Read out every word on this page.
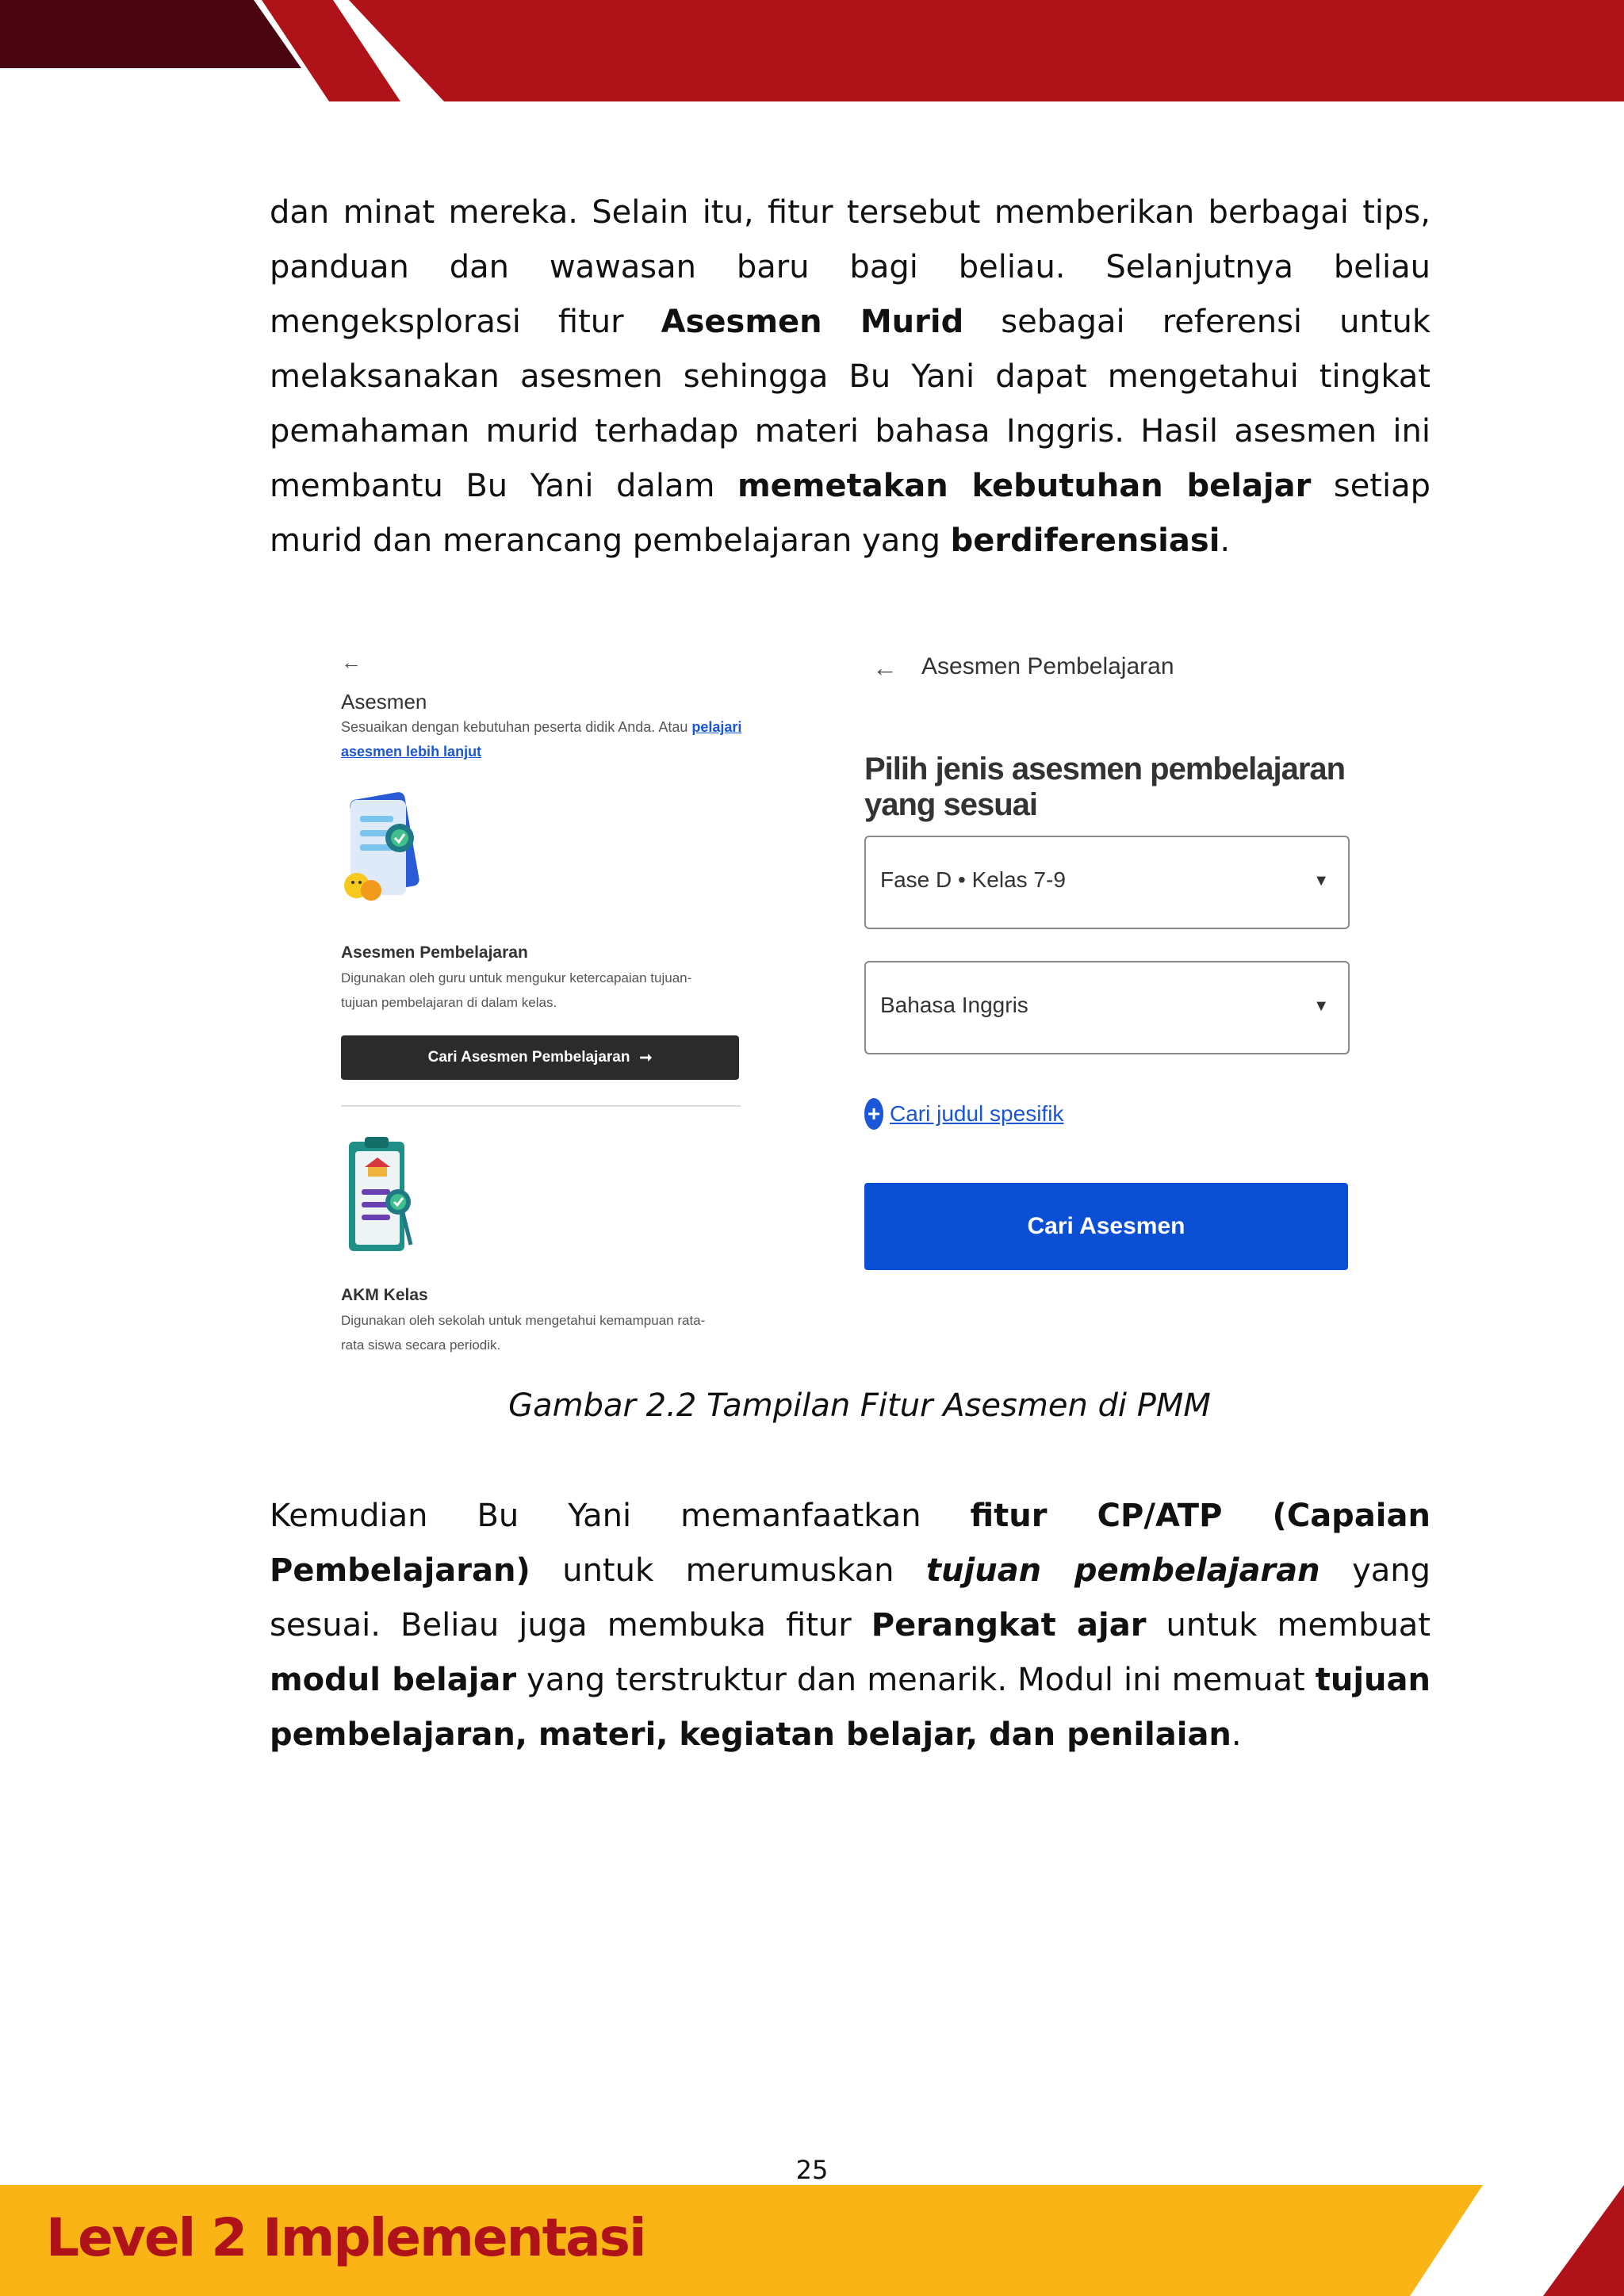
dan minat mereka. Selain itu, fitur tersebut memberikan berbagai tips, panduan dan wawasan baru bagi beliau. Selanjutnya beliau mengeksplorasi fitur Asesmen Murid sebagai referensi untuk melaksanakan asesmen sehingga Bu Yani dapat mengetahui tingkat pemahaman murid terhadap materi bahasa Inggris. Hasil asesmen ini membantu Bu Yani dalam memetakan kebutuhan belajar setiap murid dan merancang pembelajaran yang berdiferensiasi.

←
Asesmen
Sesuaikan dengan kebutuhan peserta didik Anda. Atau pelajari asesmen lebih lanjut
Asesmen Pembelajaran
Digunakan oleh guru untuk mengukur ketercapaian tujuan-tujuan pembelajaran di dalam kelas.
Cari Asesmen Pembelajaran ➞
AKM Kelas
Digunakan oleh sekolah untuk mengetahui kemampuan rata-rata siswa secara periodik.
← Asesmen Pembelajaran
Pilih jenis asesmen pembelajaran yang sesuai
Fase D • Kelas 7-9	▼
Bahasa Inggris	▼
+ Cari judul spesifik
Cari Asesmen
Gambar 2.2 Tampilan Fitur Asesmen di PMM

Kemudian Bu Yani memanfaatkan fitur CP/ATP (Capaian Pembelajaran) untuk merumuskan tujuan pembelajaran yang sesuai. Beliau juga membuka fitur Perangkat ajar untuk membuat modul belajar yang terstruktur dan menarik. Modul ini memuat tujuan pembelajaran, materi, kegiatan belajar, dan penilaian.

25
Level 2 Implementasi
